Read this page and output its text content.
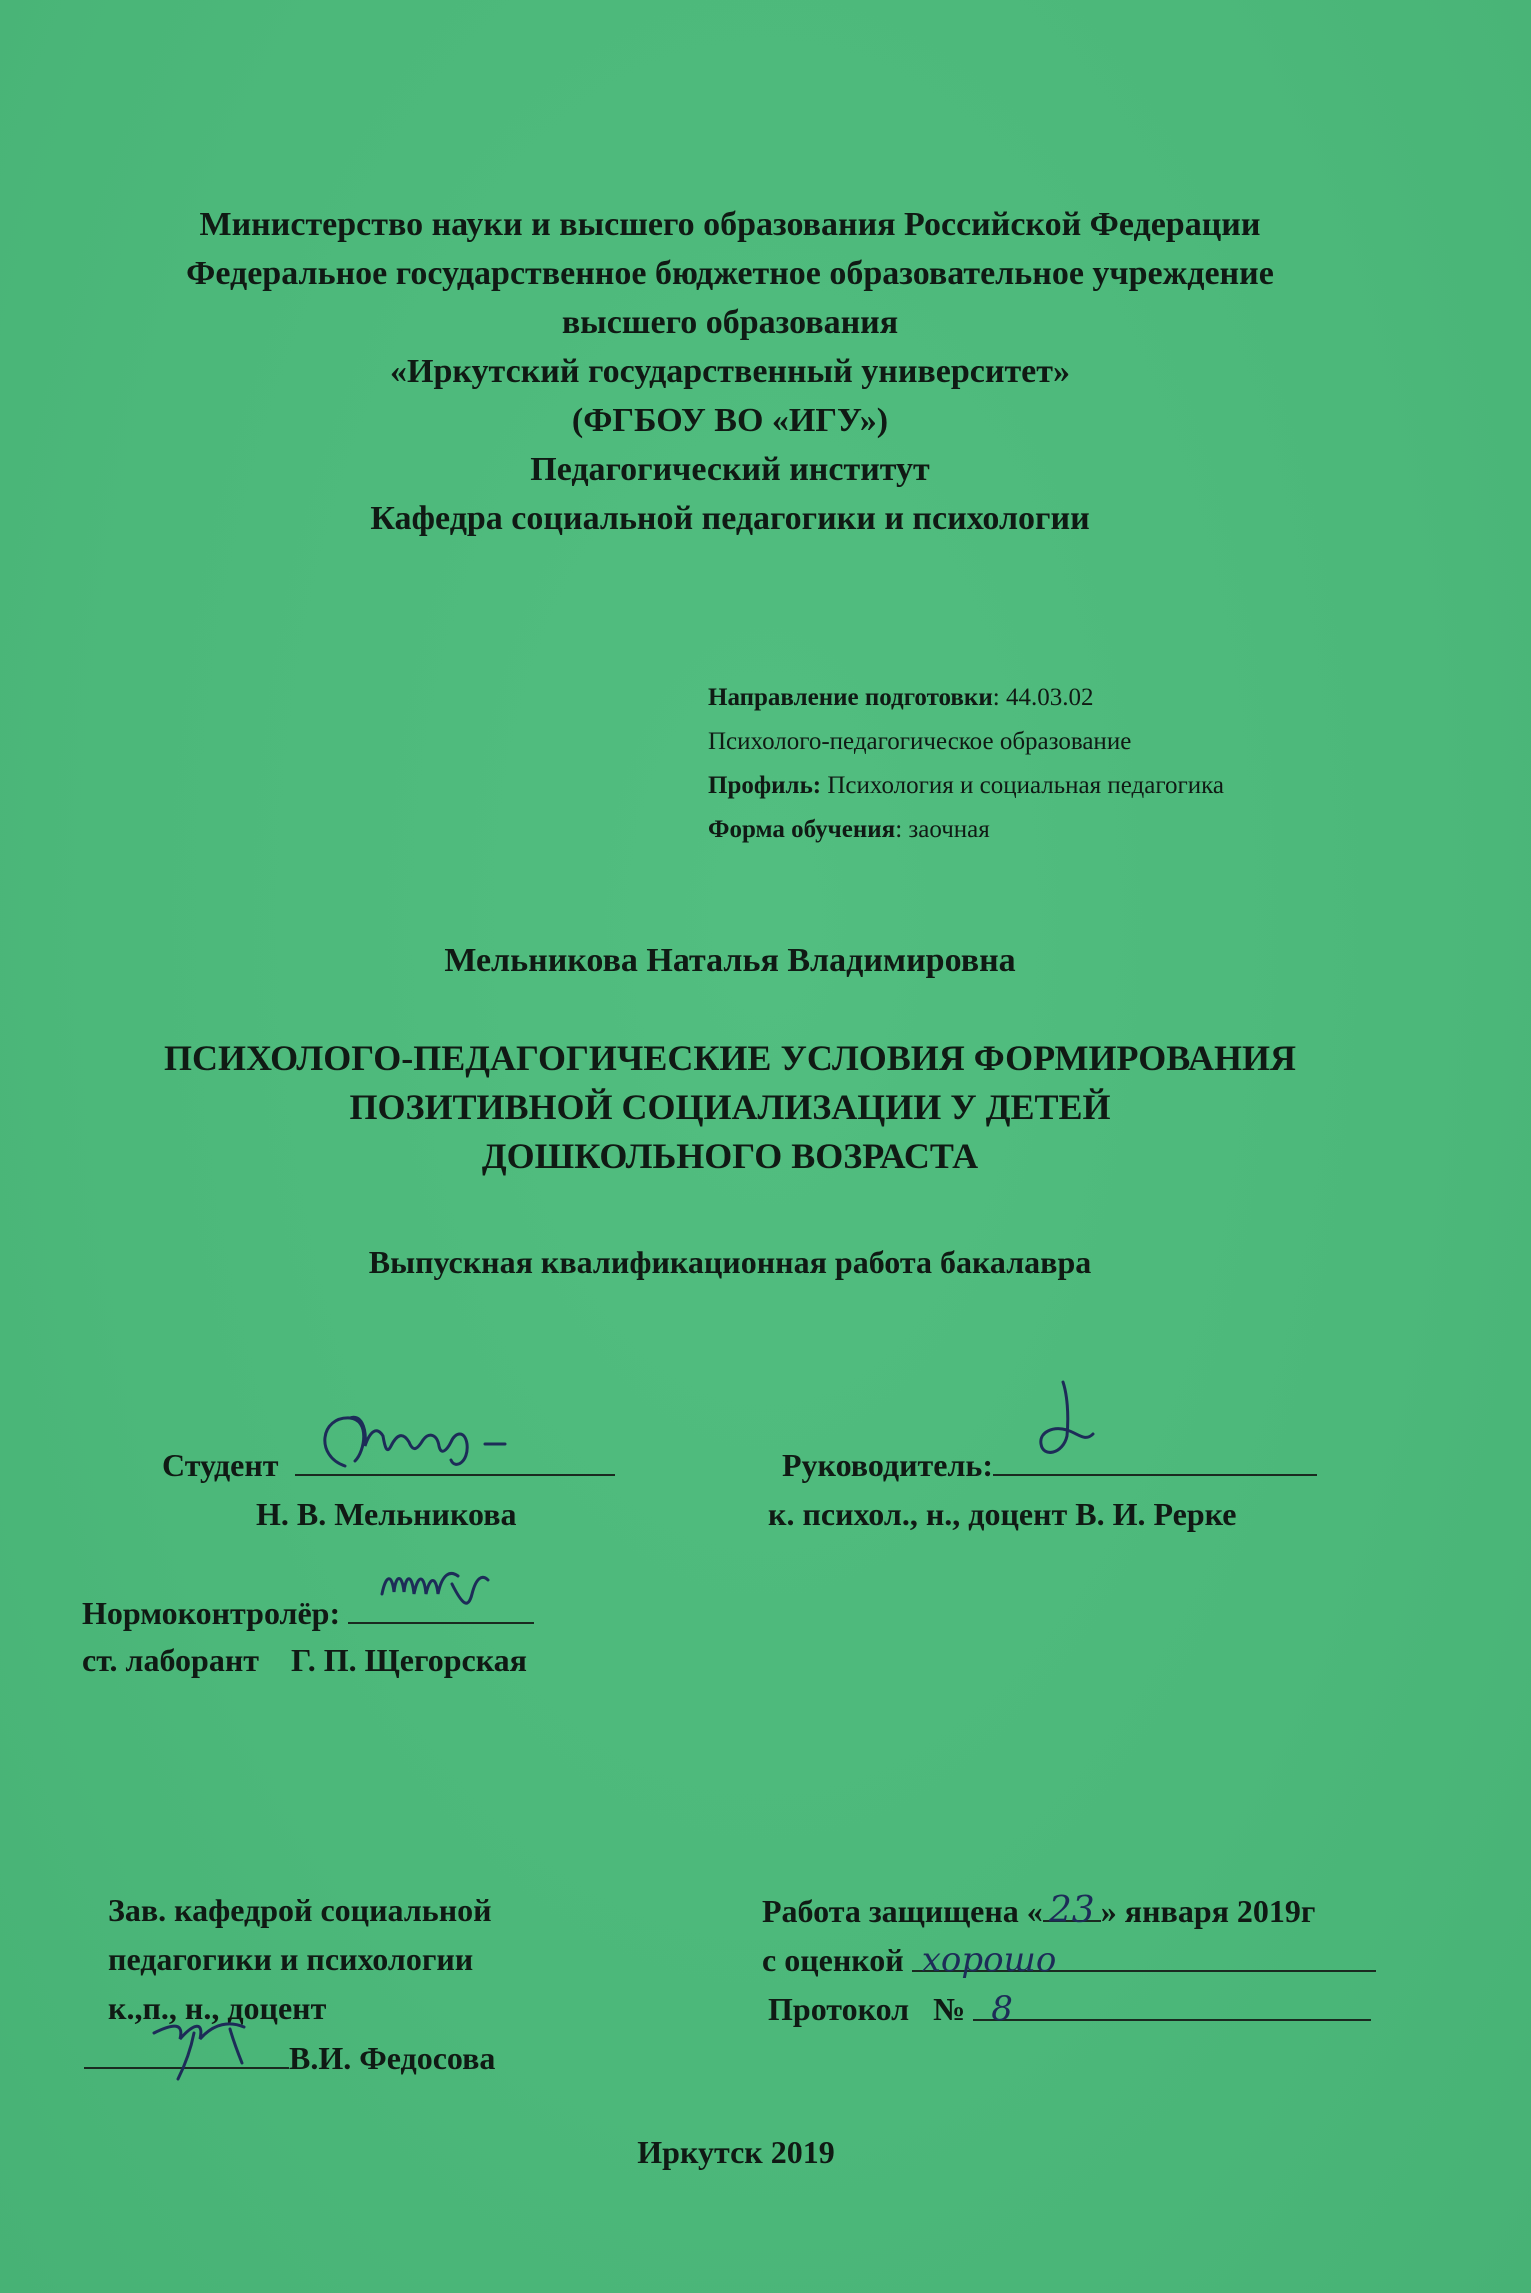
Министерство науки и высшего образования Российской Федерации
Федеральное государственное бюджетное образовательное учреждение
высшего образования
«Иркутский государственный университет»
(ФГБОУ ВО «ИГУ»)
Педагогический институт
Кафедра социальной педагогики и психологии
Направление подготовки: 44.03.02
Психолого-педагогическое образование
Профиль: Психология и социальная педагогика
Форма обучения: заочная
Мельникова Наталья Владимировна
ПСИХОЛОГО-ПЕДАГОГИЧЕСКИЕ УСЛОВИЯ ФОРМИРОВАНИЯ
ПОЗИТИВНОЙ СОЦИАЛИЗАЦИИ У ДЕТЕЙ
ДОШКОЛЬНОГО ВОЗРАСТА
Выпускная квалификационная работа бакалавра
Студент
Н. В. Мельникова
Руководитель:
к. психол., н., доцент В. И. Рерке
Нормоконтролёр:
ст. лаборант    Г. П. Щегорская
Зав. кафедрой социальной
педагогики и психологии
к.,п., н., доцент
В.И. Федосова
Работа защищена « 23 » января 2019г
с оценкой хорошо
Протокол   № 8
Иркутск 2019
